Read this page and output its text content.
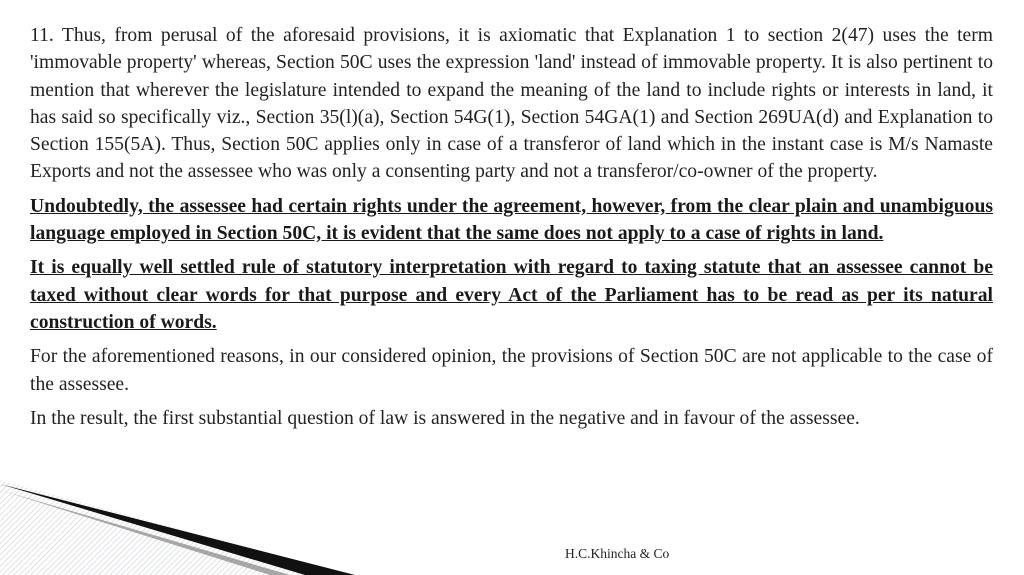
11. Thus, from perusal of the aforesaid provisions, it is axiomatic that Explanation 1 to section 2(47) uses the term 'immovable property' whereas, Section 50C uses the expression 'land' instead of immovable property. It is also pertinent to mention that wherever the legislature intended to expand the meaning of the land to include rights or interests in land, it has said so specifically viz., Section 35(l)(a), Section 54G(1), Section 54GA(1) and Section 269UA(d) and Explanation to Section 155(5A). Thus, Section 50C applies only in case of a transferor of land which in the instant case is M/s Namaste Exports and not the assessee who was only a consenting party and not a transferor/co-owner of the property.

Undoubtedly, the assessee had certain rights under the agreement, however, from the clear plain and unambiguous language employed in Section 50C, it is evident that the same does not apply to a case of rights in land.

It is equally well settled rule of statutory interpretation with regard to taxing statute that an assessee cannot be taxed without clear words for that purpose and every Act of the Parliament has to be read as per its natural construction of words.

For the aforementioned reasons, in our considered opinion, the provisions of Section 50C are not applicable to the case of the assessee.

In the result, the first substantial question of law is answered in the negative and in favour of the assessee.

H.C.Khincha & Co
